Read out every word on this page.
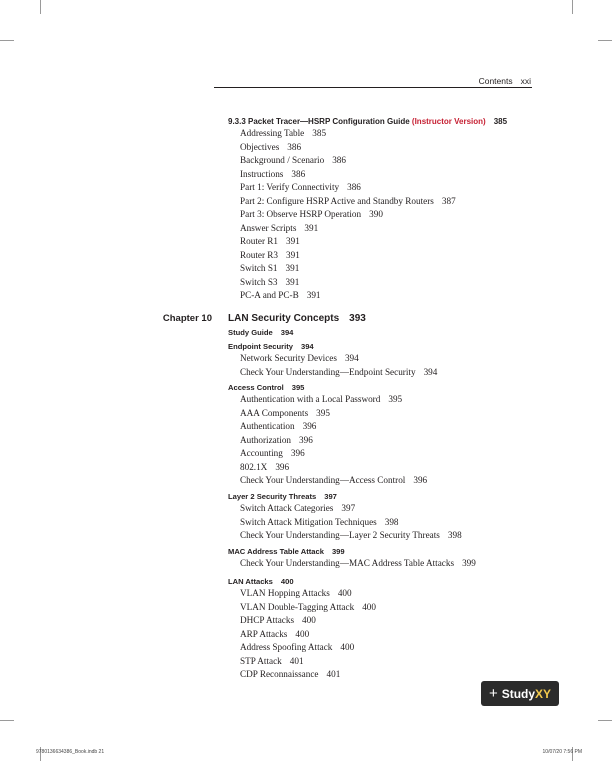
Contents xxi
9.3.3 Packet Tracer—HSRP Configuration Guide (Instructor Version) 385
Addressing Table 385
Objectives 386
Background / Scenario 386
Instructions 386
Part 1: Verify Connectivity 386
Part 2: Configure HSRP Active and Standby Routers 387
Part 3: Observe HSRP Operation 390
Answer Scripts 391
Router R1 391
Router R3 391
Switch S1 391
Switch S3 391
PC-A and PC-B 391
Chapter 10 LAN Security Concepts 393
Study Guide 394
Endpoint Security 394
Network Security Devices 394
Check Your Understanding—Endpoint Security 394
Access Control 395
Authentication with a Local Password 395
AAA Components 395
Authentication 396
Authorization 396
Accounting 396
802.1X 396
Check Your Understanding—Access Control 396
Layer 2 Security Threats 397
Switch Attack Categories 397
Switch Attack Mitigation Techniques 398
Check Your Understanding—Layer 2 Security Threats 398
MAC Address Table Attack 399
Check Your Understanding—MAC Address Table Attacks 399
LAN Attacks 400
VLAN Hopping Attacks 400
VLAN Double-Tagging Attack 400
DHCP Attacks 400
ARP Attacks 400
Address Spoofing Attack 400
STP Attack 401
CDP Reconnaissance 401
+ Study XY
9780136634386_Book.indb 21	10/07/20 7:56 PM
